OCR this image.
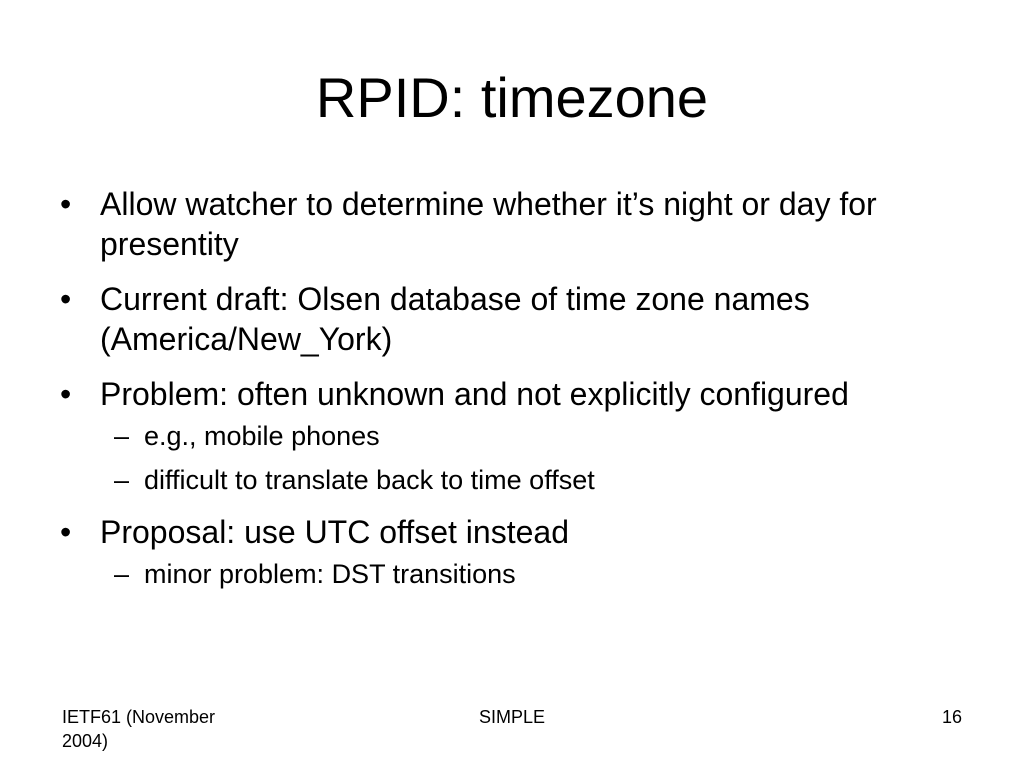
RPID: timezone
• Allow watcher to determine whether it’s night or day for presentity
• Current draft: Olsen database of time zone names (America/New_York)
• Problem: often unknown and not explicitly configured
– e.g., mobile phones
– difficult to translate back to time offset
• Proposal: use UTC offset instead
– minor problem: DST transitions
IETF61 (November 2004)
SIMPLE	16
